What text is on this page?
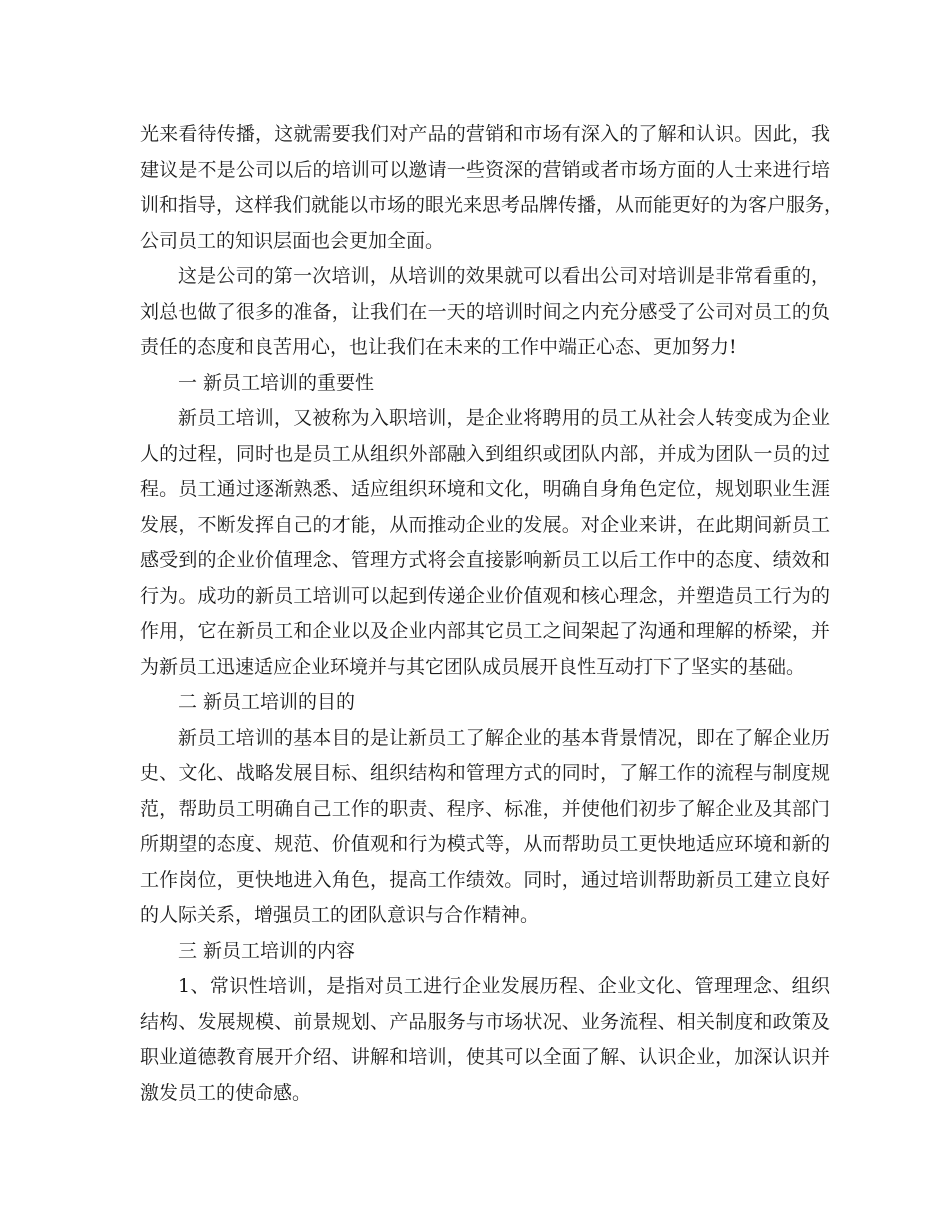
光来看待传播，这就需要我们对产品的营销和市场有深入的了解和认识。因此，我
建议是不是公司以后的培训可以邀请一些资深的营销或者市场方面的人士来进行培
训和指导，这样我们就能以市场的眼光来思考品牌传播，从而能更好的为客户服务，
公司员工的知识层面也会更加全面。
这是公司的第一次培训，从培训的效果就可以看出公司对培训是非常看重的，
刘总也做了很多的准备，让我们在一天的培训时间之内充分感受了公司对员工的负
责任的态度和良苦用心，也让我们在未来的工作中端正心态、更加努力!
一 新员工培训的重要性
新员工培训，又被称为入职培训，是企业将聘用的员工从社会人转变成为企业
人的过程，同时也是员工从组织外部融入到组织或团队内部，并成为团队一员的过
程。员工通过逐渐熟悉、适应组织环境和文化，明确自身角色定位，规划职业生涯
发展，不断发挥自己的才能，从而推动企业的发展。对企业来讲，在此期间新员工
感受到的企业价值理念、管理方式将会直接影响新员工以后工作中的态度、绩效和
行为。成功的新员工培训可以起到传递企业价值观和核心理念，并塑造员工行为的
作用，它在新员工和企业以及企业内部其它员工之间架起了沟通和理解的桥梁，并
为新员工迅速适应企业环境并与其它团队成员展开良性互动打下了坚实的基础。
二 新员工培训的目的
新员工培训的基本目的是让新员工了解企业的基本背景情况，即在了解企业历
史、文化、战略发展目标、组织结构和管理方式的同时，了解工作的流程与制度规
范，帮助员工明确自己工作的职责、程序、标准，并使他们初步了解企业及其部门
所期望的态度、规范、价值观和行为模式等，从而帮助员工更快地适应环境和新的
工作岗位，更快地进入角色，提高工作绩效。同时，通过培训帮助新员工建立良好
的人际关系，增强员工的团队意识与合作精神。
三 新员工培训的内容
1、常识性培训，是指对员工进行企业发展历程、企业文化、管理理念、组织
结构、发展规模、前景规划、产品服务与市场状况、业务流程、相关制度和政策及
职业道德教育展开介绍、讲解和培训，使其可以全面了解、认识企业，加深认识并
激发员工的使命感。
